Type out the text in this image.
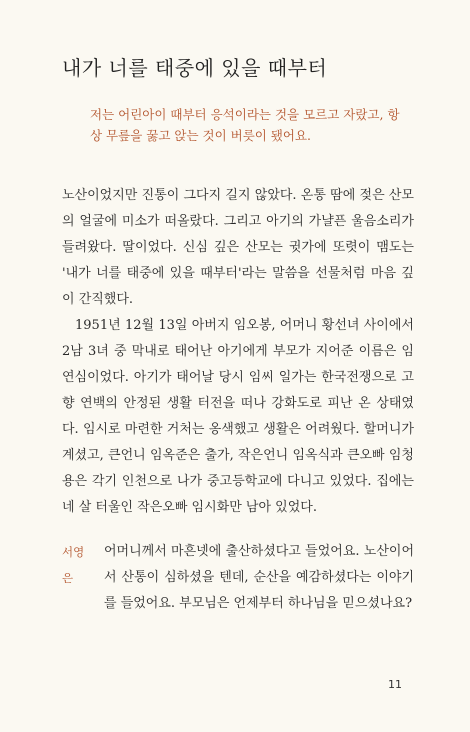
내가 너를 태중에 있을 때부터
저는 어린아이 때부터 응석이라는 것을 모르고 자랐고, 항상 무릎을 꿇고 앉는 것이 버릇이 됐어요.

노산이었지만 진통이 그다지 길지 않았다. 온통 땀에 젖은 산모의 얼굴에 미소가 떠올랐다. 그리고 아기의 가냘픈 울음소리가 들려왔다. 딸이었다. 신심 깊은 산모는 귓가에 또렷이 맴도는 '내가 너를 태중에 있을 때부터'라는 말씀을 선물처럼 마음 깊이 간직했다.

1951년 12월 13일 아버지 임오봉, 어머니 황선녀 사이에서 2남 3녀 중 막내로 태어난 아기에게 부모가 지어준 이름은 임연심이었다. 아기가 태어날 당시 임씨 일가는 한국전쟁으로 고향 연백의 안정된 생활 터전을 떠나 강화도로 피난 온 상태였다. 임시로 마련한 거처는 옹색했고 생활은 어려웠다. 할머니가 계셨고, 큰언니 임옥준은 출가, 작은언니 임옥식과 큰오빠 임청용은 각기 인천으로 나가 중고등학교에 다니고 있었다. 집에는 네 살 터울인 작은오빠 임시화만 남아 있었다.

서영은
어머니께서 마흔넷에 출산하셨다고 들었어요. 노산이어서 산통이 심하셨을 텐데, 순산을 예감하셨다는 이야기를 들었어요. 부모님은 언제부터 하나님을 믿으셨나요?
11
